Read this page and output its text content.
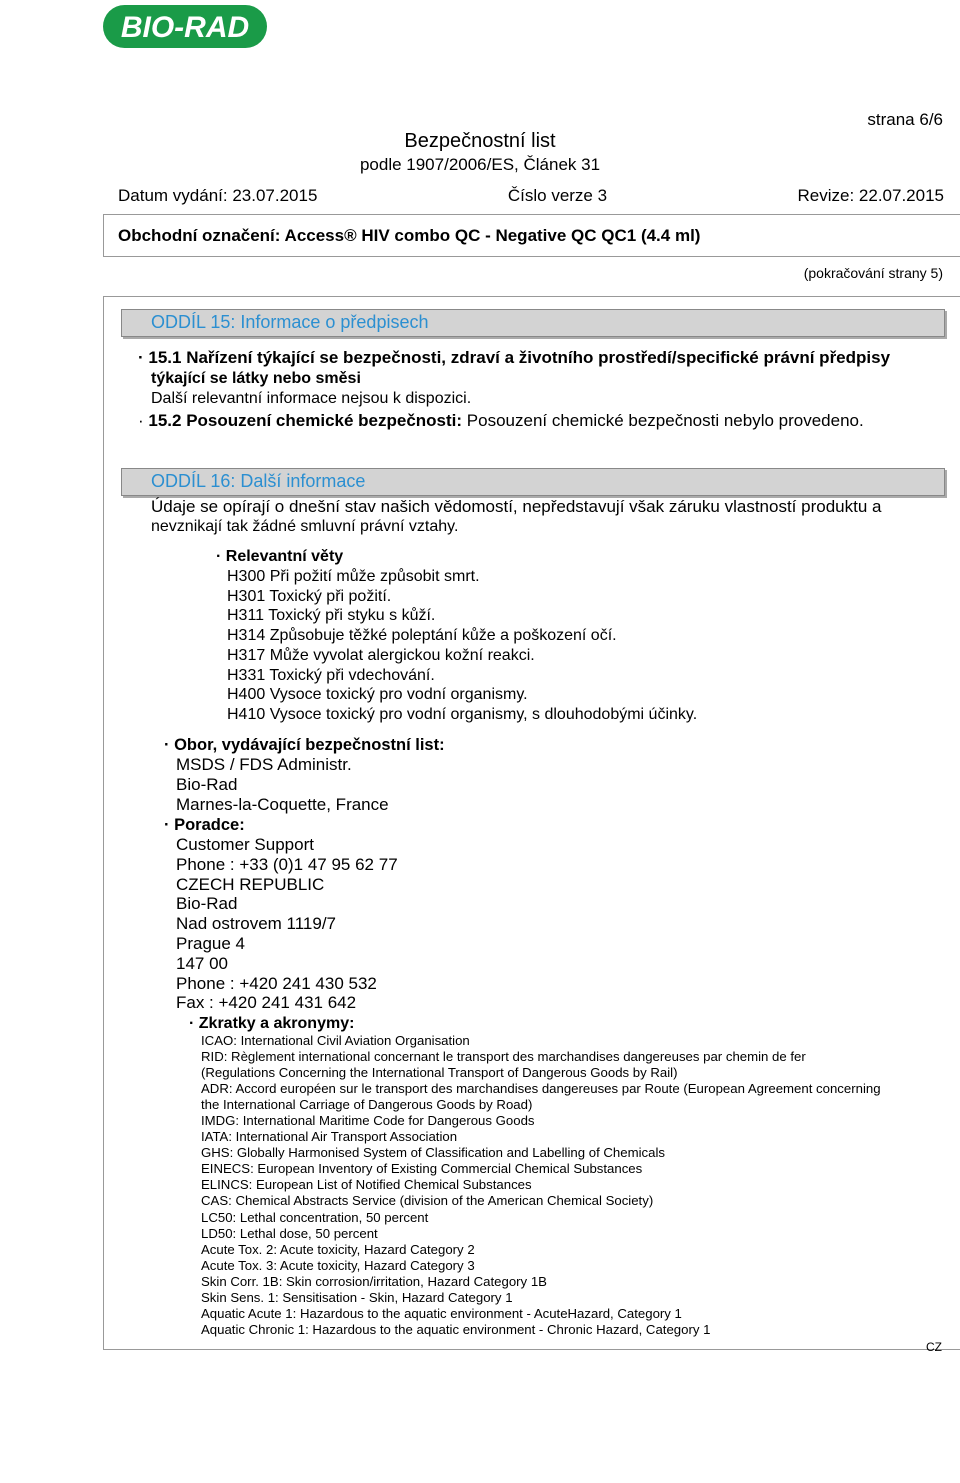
BIO-RAD
strana 6/6
Bezpečnostní list
podle 1907/2006/ES, Článek 31
Datum vydání: 23.07.2015	Číslo verze 3	Revize: 22.07.2015
Obchodní označení: Access® HIV combo QC - Negative QC QC1 (4.4 ml)
(pokračování strany 5)
ODDÍL 15: Informace o předpisech
· 15.1 Nařízení týkající se bezpečnosti, zdraví a životního prostředí/specifické právní předpisy
týkající se látky nebo směsi
Další relevantní informace nejsou k dispozici.
· 15.2 Posouzení chemické bezpečnosti: Posouzení chemické bezpečnosti nebylo provedeno.
ODDÍL 16: Další informace
Údaje se opírají o dnešní stav našich vědomostí, nepředstavují však záruku vlastností produktu a
nevznikají tak žádné smluvní právní vztahy.
· Relevantní věty
H300 Při požití může způsobit smrt.
H301 Toxický při požití.
H311 Toxický při styku s kůží.
H314 Způsobuje těžké poleptání kůže a poškození očí.
H317 Může vyvolat alergickou kožní reakci.
H331 Toxický při vdechování.
H400 Vysoce toxický pro vodní organismy.
H410 Vysoce toxický pro vodní organismy, s dlouhodobými účinky.
· Obor, vydávající bezpečnostní list:
MSDS / FDS Administr.
Bio-Rad
Marnes-la-Coquette, France
· Poradce:
Customer Support
Phone : +33 (0)1 47 95 62 77
CZECH REPUBLIC
Bio-Rad
Nad ostrovem 1119/7
Prague 4
147 00
Phone : +420 241 430 532
Fax : +420 241 431 642
· Zkratky a akronymy:
ICAO: International Civil Aviation Organisation
RID: Règlement international concernant le transport des marchandises dangereuses par chemin de fer
(Regulations Concerning the International Transport of Dangerous Goods by Rail)
ADR: Accord européen sur le transport des marchandises dangereuses par Route (European Agreement concerning
the International Carriage of Dangerous Goods by Road)
IMDG: International Maritime Code for Dangerous Goods
IATA: International Air Transport Association
GHS: Globally Harmonised System of Classification and Labelling of Chemicals
EINECS: European Inventory of Existing Commercial Chemical Substances
ELINCS: European List of Notified Chemical Substances
CAS: Chemical Abstracts Service (division of the American Chemical Society)
LC50: Lethal concentration, 50 percent
LD50: Lethal dose, 50 percent
Acute Tox. 2: Acute toxicity, Hazard Category 2
Acute Tox. 3: Acute toxicity, Hazard Category 3
Skin Corr. 1B: Skin corrosion/irritation, Hazard Category 1B
Skin Sens. 1: Sensitisation - Skin, Hazard Category 1
Aquatic Acute 1: Hazardous to the aquatic environment - AcuteHazard, Category 1
Aquatic Chronic 1: Hazardous to the aquatic environment - Chronic Hazard, Category 1
CZ
